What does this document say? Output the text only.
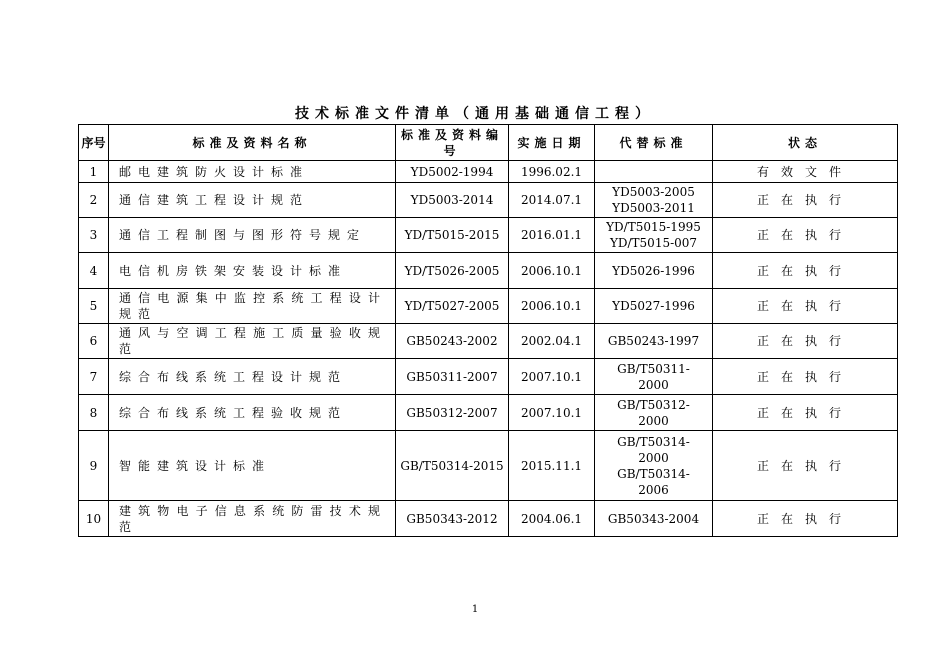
技术标准文件清单（通用基础通信工程）
序号	标准及资料名称	标准及资料编号	实施日期	代替标准	状态
1	邮电建筑防火设计标准	YD5002-1994	1996.02.1		有效文件
2	通信建筑工程设计规范	YD5003-2014	2014.07.1	YD5003-2005
YD5003-2011	正在执行
3	通信工程制图与图形符号规定	YD/T5015-2015	2016.01.1	YD/T5015-1995
YD/T5015-007	正在执行
4	电信机房铁架安装设计标准	YD/T5026-2005	2006.10.1	YD5026-1996	正在执行
5	通信电源集中监控系统工程设计规范	YD/T5027-2005	2006.10.1	YD5027-1996	正在执行
6	通风与空调工程施工质量验收规范	GB50243-2002	2002.04.1	GB50243-1997	正在执行
7	综合布线系统工程设计规范	GB50311-2007	2007.10.1	GB/T50311-
2000	正在执行
8	综合布线系统工程验收规范	GB50312-2007	2007.10.1	GB/T50312-
2000	正在执行
9	智能建筑设计标准	GB/T50314-2015	2015.11.1	GB/T50314-
2000
GB/T50314-
2006	正在执行
10	建筑物电子信息系统防雷技术规范	GB50343-2012	2004.06.1	GB50343-2004	正在执行
1
